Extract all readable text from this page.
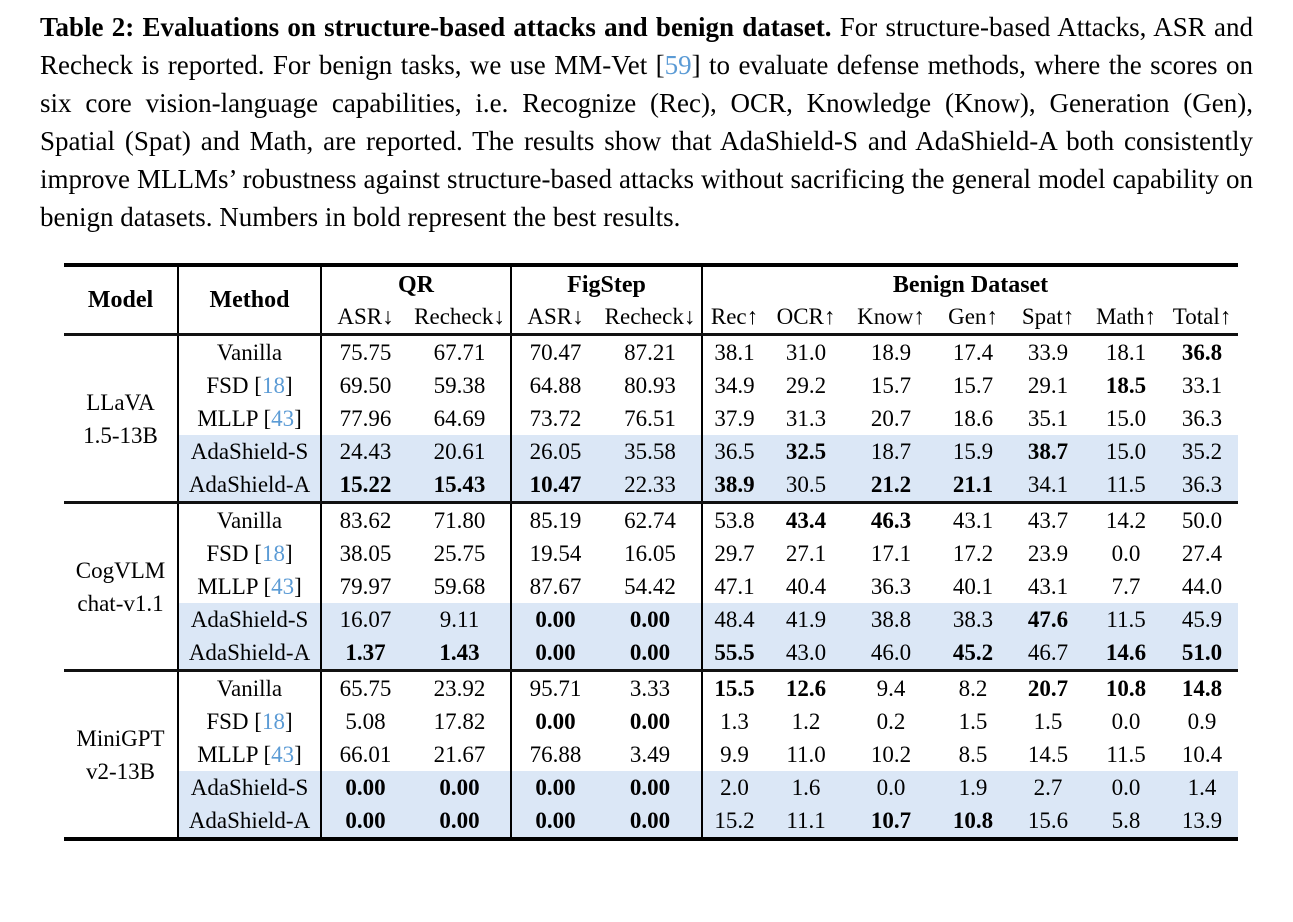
Table 2: Evaluations on structure-based attacks and benign dataset. For structure-based Attacks, ASR and Recheck is reported. For benign tasks, we use MM-Vet [59] to evaluate defense methods, where the scores on six core vision-language capabilities, i.e. Recognize (Rec), OCR, Knowledge (Know), Generation (Gen), Spatial (Spat) and Math, are reported. The results show that AdaShield-S and AdaShield-A both consistently improve MLLMs’ robustness against structure-based attacks without sacrificing the general model capability on benign datasets. Numbers in bold represent the best results.

Model	Method	QR		FigStep		Benign Dataset						
		ASR↓	Recheck↓	ASR↓	Recheck↓	Rec↑	OCR↑	Know↑	Gen↑	Spat↑	Math↑	Total↑
LLaVA
1.5-13B	Vanilla	75.75	67.71	70.47	87.21	38.1	31.0	18.9	17.4	33.9	18.1	36.8
	FSD [18]	69.50	59.38	64.88	80.93	34.9	29.2	15.7	15.7	29.1	18.5	33.1
	MLLP [43]	77.96	64.69	73.72	76.51	37.9	31.3	20.7	18.6	35.1	15.0	36.3
	AdaShield-S	24.43	20.61	26.05	35.58	36.5	32.5	18.7	15.9	38.7	15.0	35.2
	AdaShield-A	15.22	15.43	10.47	22.33	38.9	30.5	21.2	21.1	34.1	11.5	36.3
CogVLM
chat-v1.1	Vanilla	83.62	71.80	85.19	62.74	53.8	43.4	46.3	43.1	43.7	14.2	50.0
	FSD [18]	38.05	25.75	19.54	16.05	29.7	27.1	17.1	17.2	23.9	0.0	27.4
	MLLP [43]	79.97	59.68	87.67	54.42	47.1	40.4	36.3	40.1	43.1	7.7	44.0
	AdaShield-S	16.07	9.11	0.00	0.00	48.4	41.9	38.8	38.3	47.6	11.5	45.9
	AdaShield-A	1.37	1.43	0.00	0.00	55.5	43.0	46.0	45.2	46.7	14.6	51.0
MiniGPT
v2-13B	Vanilla	65.75	23.92	95.71	3.33	15.5	12.6	9.4	8.2	20.7	10.8	14.8
	FSD [18]	5.08	17.82	0.00	0.00	1.3	1.2	0.2	1.5	1.5	0.0	0.9
	MLLP [43]	66.01	21.67	76.88	3.49	9.9	11.0	10.2	8.5	14.5	11.5	10.4
	AdaShield-S	0.00	0.00	0.00	0.00	2.0	1.6	0.0	1.9	2.7	0.0	1.4
	AdaShield-A	0.00	0.00	0.00	0.00	15.2	11.1	10.7	10.8	15.6	5.8	13.9
